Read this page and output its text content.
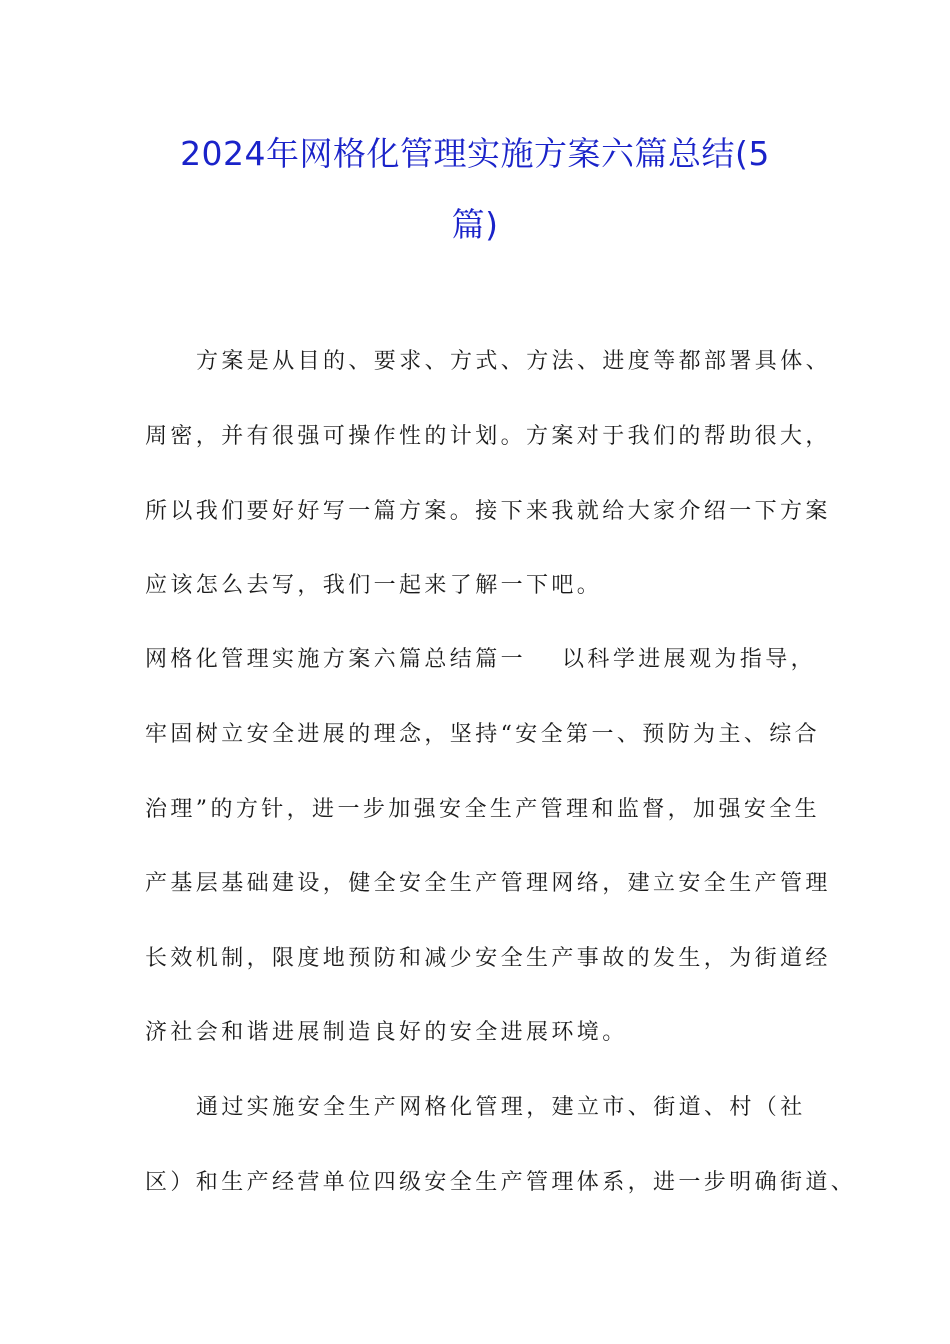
2024年网格化管理实施方案六篇总结(5
篇)
方案是从目的、要求、方式、方法、进度等都部署具体、
周密，并有很强可操作性的计划。方案对于我们的帮助很大，
所以我们要好好写一篇方案。接下来我就给大家介绍一下方案
应该怎么去写，我们一起来了解一下吧。
网格化管理实施方案六篇总结篇一 以科学进展观为指导，
牢固树立安全进展的理念，坚持“安全第一、预防为主、综合
治理”的方针，进一步加强安全生产管理和监督，加强安全生
产基层基础建设，健全安全生产管理网络，建立安全生产管理
长效机制，限度地预防和减少安全生产事故的发生，为街道经
济社会和谐进展制造良好的安全进展环境。
通过实施安全生产网格化管理，建立市、街道、村（社
区）和生产经营单位四级安全生产管理体系，进一步明确街道、
